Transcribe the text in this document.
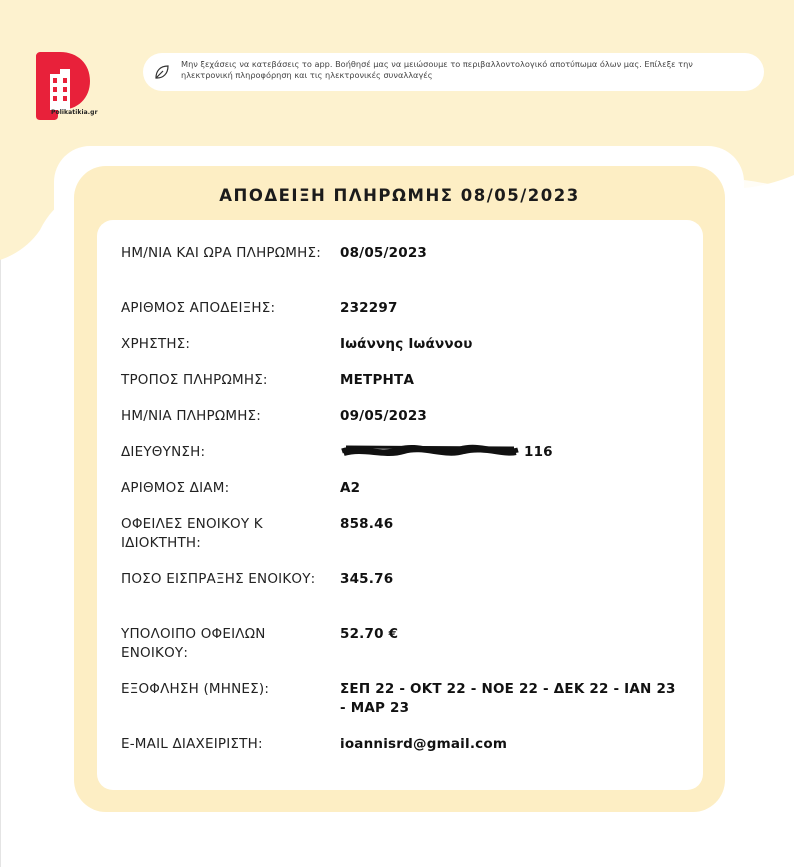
Polikatikia.gr
Μην ξεχάσεις να κατεβάσεις το app. Βοήθησέ μας να μειώσουμε το περιβαλλοντολογικό αποτύπωμα όλων μας. Επίλεξε την ηλεκτρονική πληροφόρηση και τις ηλεκτρονικές συναλλαγές
ΑΠΟΔΕΙΞΗ ΠΛΗΡΩΜΗΣ 08/05/2023
ΗΜ/ΝΙΑ ΚΑΙ ΩΡΑ ΠΛΗΡΩΜΗΣ: 08/05/2023
ΑΡΙΘΜΟΣ ΑΠΟΔΕΙΞΗΣ:	232297
ΧΡΗΣΤΗΣ:	Ιωάννης Ιωάννου
ΤΡΟΠΟΣ ΠΛΗΡΩΜΗΣ:	ΜΕΤΡΗΤΑ
ΗΜ/ΝΙΑ ΠΛΗΡΩΜΗΣ:	09/05/2023
ΔΙΕΥΘΥΝΣΗ:	116
ΑΡΙΘΜΟΣ ΔΙΑΜ:	Α2
ΟΦΕΙΛΕΣ ΕΝΟΙΚΟΥ Κ ΙΔΙΟΚΤΗΤΗ:
858.46
ΠΟΣΟ ΕΙΣΠΡΑΞΗΣ ΕΝΟΙΚΟΥ:	345.76
ΥΠΟΛΟΙΠΟ ΟΦΕΙΛΩΝ ΕΝΟΙΚΟΥ:
52.70 €
ΕΞΟΦΛΗΣΗ (ΜΗΝΕΣ):	ΣΕΠ 22 - ΟΚΤ 22 - ΝΟΕ 22 - ΔΕΚ 22 - ΙΑΝ 23 - ΜΑΡ 23
E-MAIL ΔΙΑΧΕΙΡΙΣΤΗ:	ioannisrd@gmail.com
